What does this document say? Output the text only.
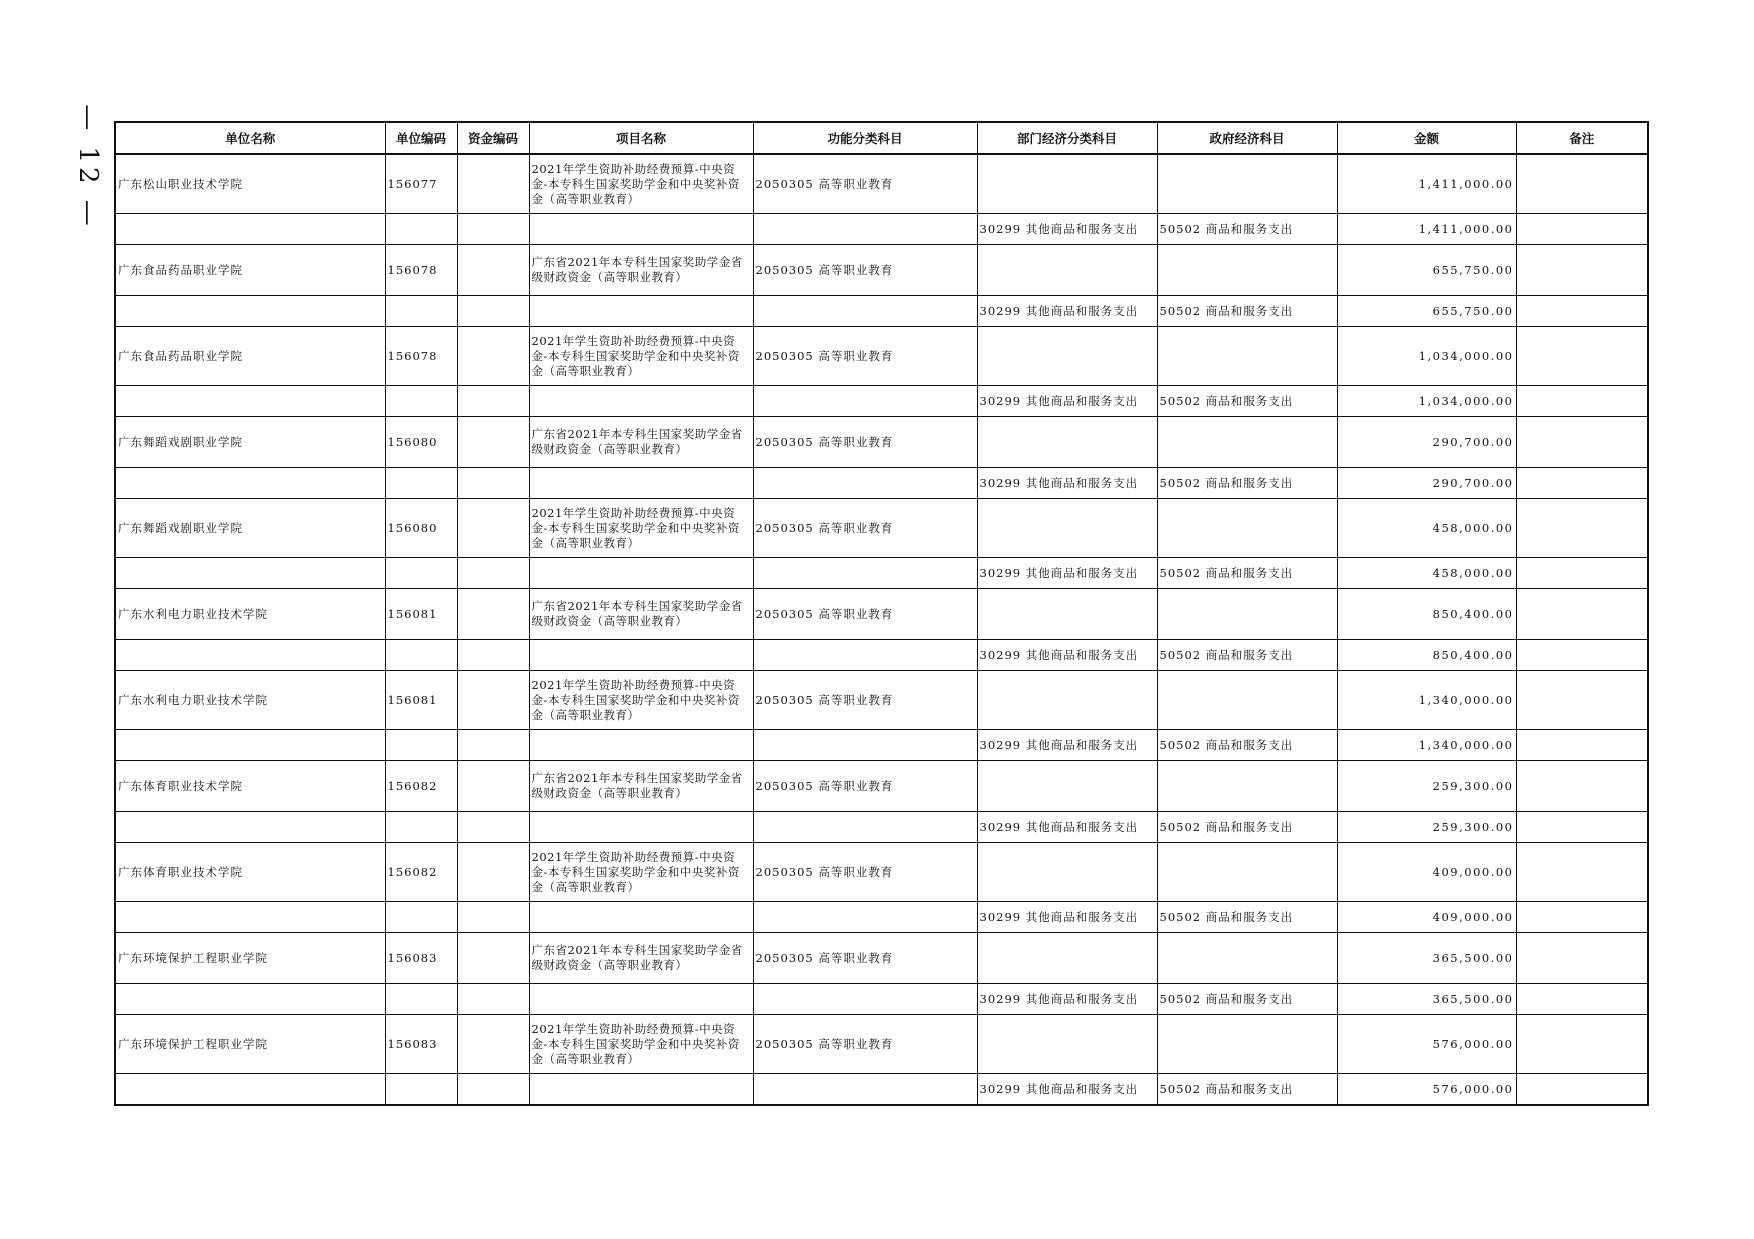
— 12 —	单位名称	单位编码	资金编码	项目名称	功能分类科目	部门经济分类科目	政府经济科目	金额	备注
广东松山职业技术学院	156077		2021年学生资助补助经费预算-中央资金-本专科生国家奖助学金和中央奖补资金（高等职业教育）	2050305 高等职业教育			1,411,000.00	
					30299 其他商品和服务支出	50502 商品和服务支出	1,411,000.00	
广东食品药品职业学院	156078		广东省2021年本专科生国家奖助学金省级财政资金（高等职业教育）	2050305 高等职业教育			655,750.00	
					30299 其他商品和服务支出	50502 商品和服务支出	655,750.00	
广东食品药品职业学院	156078		2021年学生资助补助经费预算-中央资金-本专科生国家奖助学金和中央奖补资金（高等职业教育）	2050305 高等职业教育			1,034,000.00	
					30299 其他商品和服务支出	50502 商品和服务支出	1,034,000.00	
广东舞蹈戏剧职业学院	156080		广东省2021年本专科生国家奖助学金省级财政资金（高等职业教育）	2050305 高等职业教育			290,700.00	
					30299 其他商品和服务支出	50502 商品和服务支出	290,700.00	
广东舞蹈戏剧职业学院	156080		2021年学生资助补助经费预算-中央资金-本专科生国家奖助学金和中央奖补资金（高等职业教育）	2050305 高等职业教育			458,000.00	
					30299 其他商品和服务支出	50502 商品和服务支出	458,000.00	
广东水利电力职业技术学院	156081		广东省2021年本专科生国家奖助学金省级财政资金（高等职业教育）	2050305 高等职业教育			850,400.00	
					30299 其他商品和服务支出	50502 商品和服务支出	850,400.00	
广东水利电力职业技术学院	156081		2021年学生资助补助经费预算-中央资金-本专科生国家奖助学金和中央奖补资金（高等职业教育）	2050305 高等职业教育			1,340,000.00	
					30299 其他商品和服务支出	50502 商品和服务支出	1,340,000.00	
广东体育职业技术学院	156082		广东省2021年本专科生国家奖助学金省级财政资金（高等职业教育）	2050305 高等职业教育			259,300.00	
					30299 其他商品和服务支出	50502 商品和服务支出	259,300.00	
广东体育职业技术学院	156082		2021年学生资助补助经费预算-中央资金-本专科生国家奖助学金和中央奖补资金（高等职业教育）	2050305 高等职业教育			409,000.00	
					30299 其他商品和服务支出	50502 商品和服务支出	409,000.00	
广东环境保护工程职业学院	156083		广东省2021年本专科生国家奖助学金省级财政资金（高等职业教育）	2050305 高等职业教育			365,500.00	
					30299 其他商品和服务支出	50502 商品和服务支出	365,500.00	
广东环境保护工程职业学院	156083		2021年学生资助补助经费预算-中央资金-本专科生国家奖助学金和中央奖补资金（高等职业教育）	2050305 高等职业教育			576,000.00	
					30299 其他商品和服务支出	50502 商品和服务支出	576,000.00	
